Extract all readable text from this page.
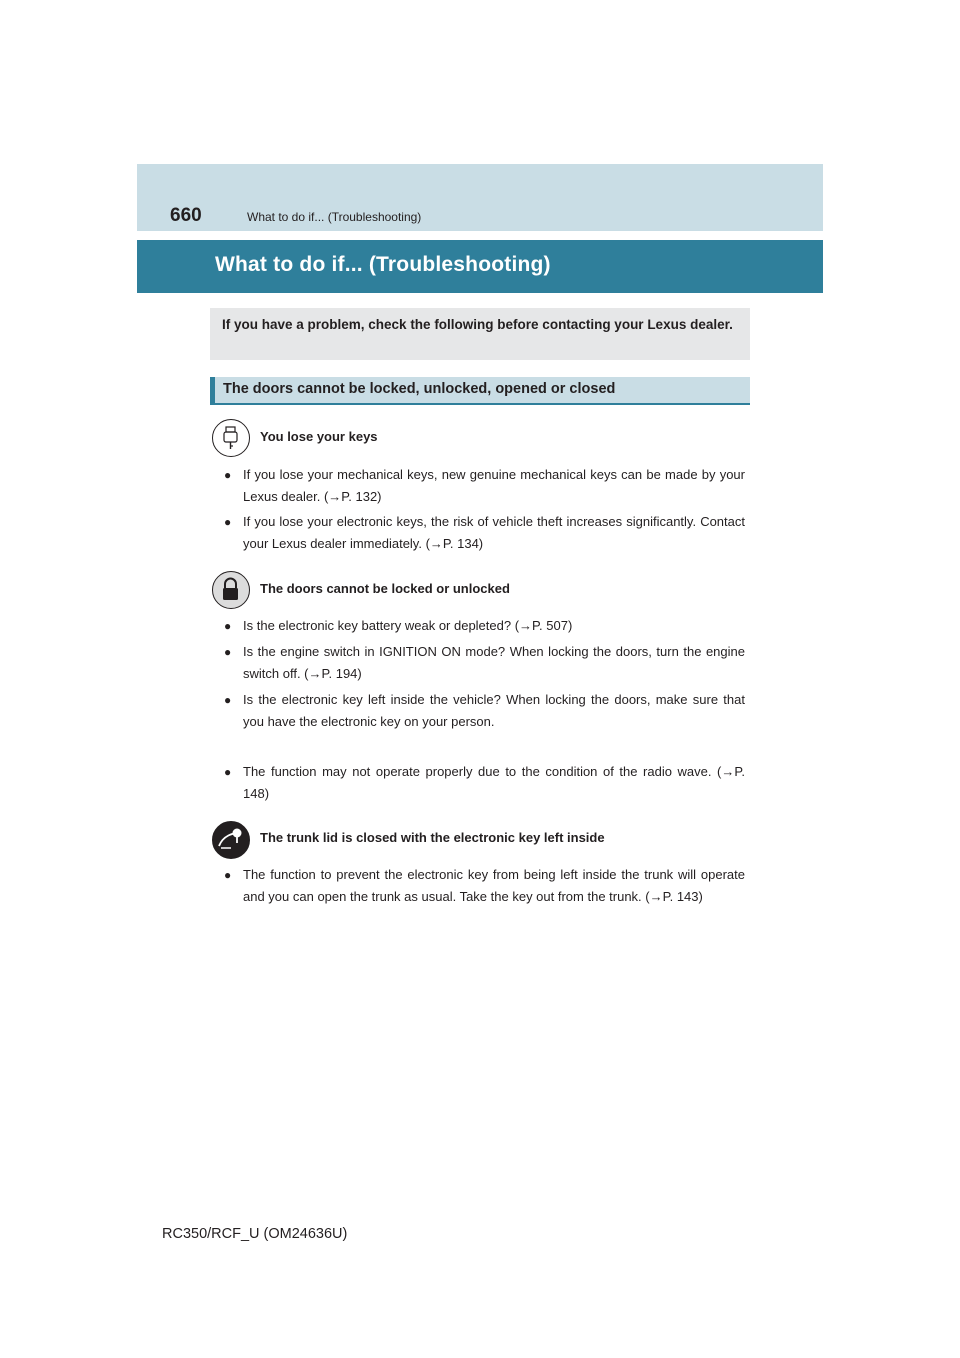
660	What to do if... (Troubleshooting)
What to do if... (Troubleshooting)
If you have a problem, check the following before contacting your Lexus dealer.
The doors cannot be locked, unlocked, opened or closed
You lose your keys
● If you lose your mechanical keys, new genuine mechanical keys can be made by your Lexus dealer. (→P. 132)
● If you lose your electronic keys, the risk of vehicle theft increases significantly. Contact your Lexus dealer immediately. (→P. 134)
The doors cannot be locked or unlocked
● Is the electronic key battery weak or depleted? (→P. 507)
● Is the engine switch in IGNITION ON mode? When locking the doors, turn the engine switch off. (→P. 194)
● Is the electronic key left inside the vehicle? When locking the doors, make sure that you have the electronic key on your person.
● The function may not operate properly due to the condition of the radio wave. (→P. 148)
The trunk lid is closed with the electronic key left inside
● The function to prevent the electronic key from being left inside the trunk will operate and you can open the trunk as usual. Take the key out from the trunk. (→P. 143)
RC350/RCF_U (OM24636U)
